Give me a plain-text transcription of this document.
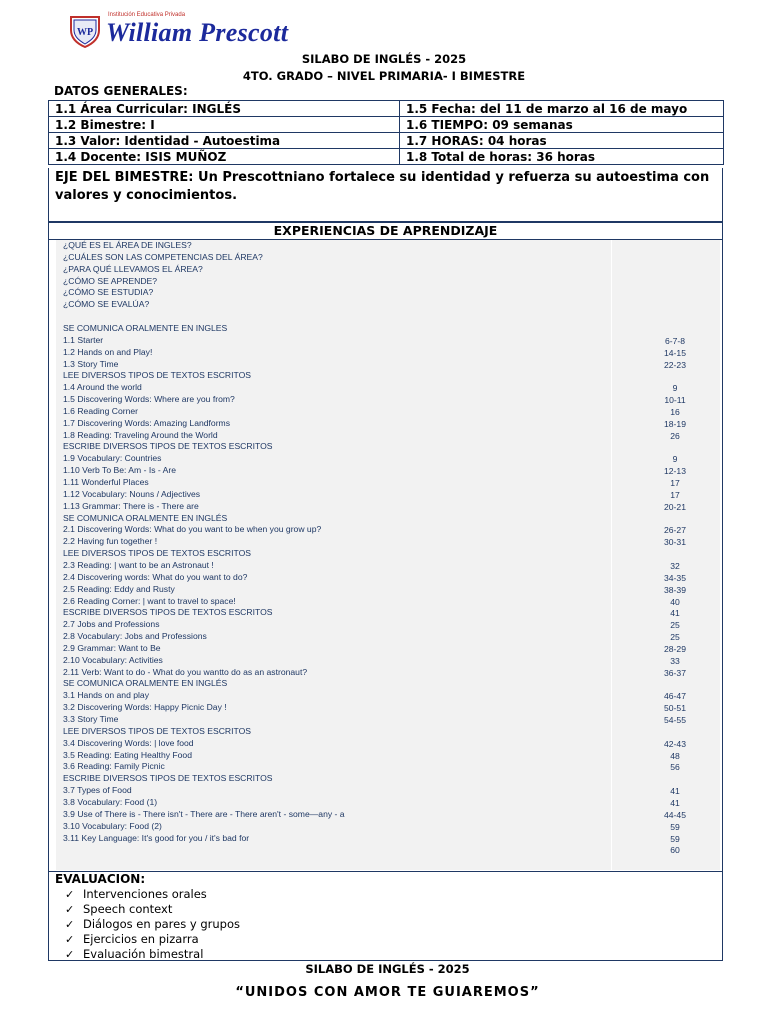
WP
Institución Educativa Privada
William Prescott
SILABO DE INGLÉS - 2025
4TO. GRADO – NIVEL PRIMARIA- I BIMESTRE
DATOS GENERALES:
1.1 Área Curricular: INGLÉS	1.5 Fecha: del 11 de marzo al 16 de mayo
1.2 Bimestre: I	1.6 TIEMPO: 09 semanas
1.3 Valor: Identidad - Autoestima	1.7 HORAS: 04 horas
1.4 Docente: ISIS MUÑOZ	1.8 Total de horas: 36 horas
EJE DEL BIMESTRE: Un Prescottniano fortalece su identidad y refuerza su autoestima con valores y conocimientos.
EXPERIENCIAS DE APRENDIZAJE
¿QUÉ ES EL ÁREA DE INGLES?
¿CUÁLES SON LAS COMPETENCIAS DEL ÁREA?
¿PARA QUÉ LLEVAMOS EL ÁREA?
¿CÓMO SE APRENDE?
¿CÓMO SE ESTUDIA?
¿CÓMO SE EVALÚA?
SE COMUNICA ORALMENTE EN INGLES
1.1 Starter	6-7-8
1.2 Hands on and Play!	14-15
1.3 Story Time	22-23
LEE DIVERSOS TIPOS DE TEXTOS ESCRITOS
1.4 Around the world	9
1.5 Discovering Words: Where are you from?	10-11
1.6 Reading Corner	16
1.7 Discovering Words: Amazing Landforms	18-19
1.8 Reading: Traveling Around the World	26
ESCRIBE DIVERSOS TIPOS DE TEXTOS ESCRITOS
1.9 Vocabulary: Countries	9
1.10 Verb To Be: Am - Is - Are	12-13
1.11 Wonderful Places	17
1.12 Vocabulary: Nouns / Adjectives	17
1.13 Grammar: There is - There are	20-21
SE COMUNICA ORALMENTE EN INGLÉS
2.1 Discovering Words: What do you want to be when you grow up?	26-27
2.2 Having fun together !	30-31
LEE DIVERSOS TIPOS DE TEXTOS ESCRITOS
2.3 Reading: | want to be an Astronaut !	32
2.4 Discovering words: What do you want to do?	34-35
2.5 Reading: Eddy and Rusty	38-39
2.6 Reading Corner: | want to travel to space!	40
ESCRIBE DIVERSOS TIPOS DE TEXTOS ESCRITOS	41
2.7 Jobs and Professions	25
2.8 Vocabulary: Jobs and Professions	25
2.9 Grammar: Want to Be	28-29
2.10 Vocabulary: Activities	33
2.11 Verb: Want to do - What do you wantto do as an astronaut?	36-37
SE COMUNICA ORALMENTE EN INGLÉS
3.1 Hands on and play	46-47
3.2 Discovering Words: Happy Picnic Day !	50-51
3.3 Story Time	54-55
LEE DIVERSOS TIPOS DE TEXTOS ESCRITOS
3.4 Discovering Words: | love food	42-43
3.5 Reading: Eating Healthy Food	48
3.6 Reading: Family Picnic	56
ESCRIBE DIVERSOS TIPOS DE TEXTOS ESCRITOS
3.7 Types of Food	41
3.8 Vocabulary: Food (1)	41
3.9 Use of There is - There isn't - There are - There aren't - some—any - a	44-45
3.10 Vocabulary: Food (2)	59
3.11 Key Language: It's good for you / it's bad for	59
60
EVALUACION:
✓ Intervenciones orales
✓ Speech context
✓ Diálogos en pares y grupos
✓ Ejercicios en pizarra
✓ Evaluación bimestral
SILABO DE INGLÉS - 2025
“UNIDOS CON AMOR TE GUIAREMOS”
